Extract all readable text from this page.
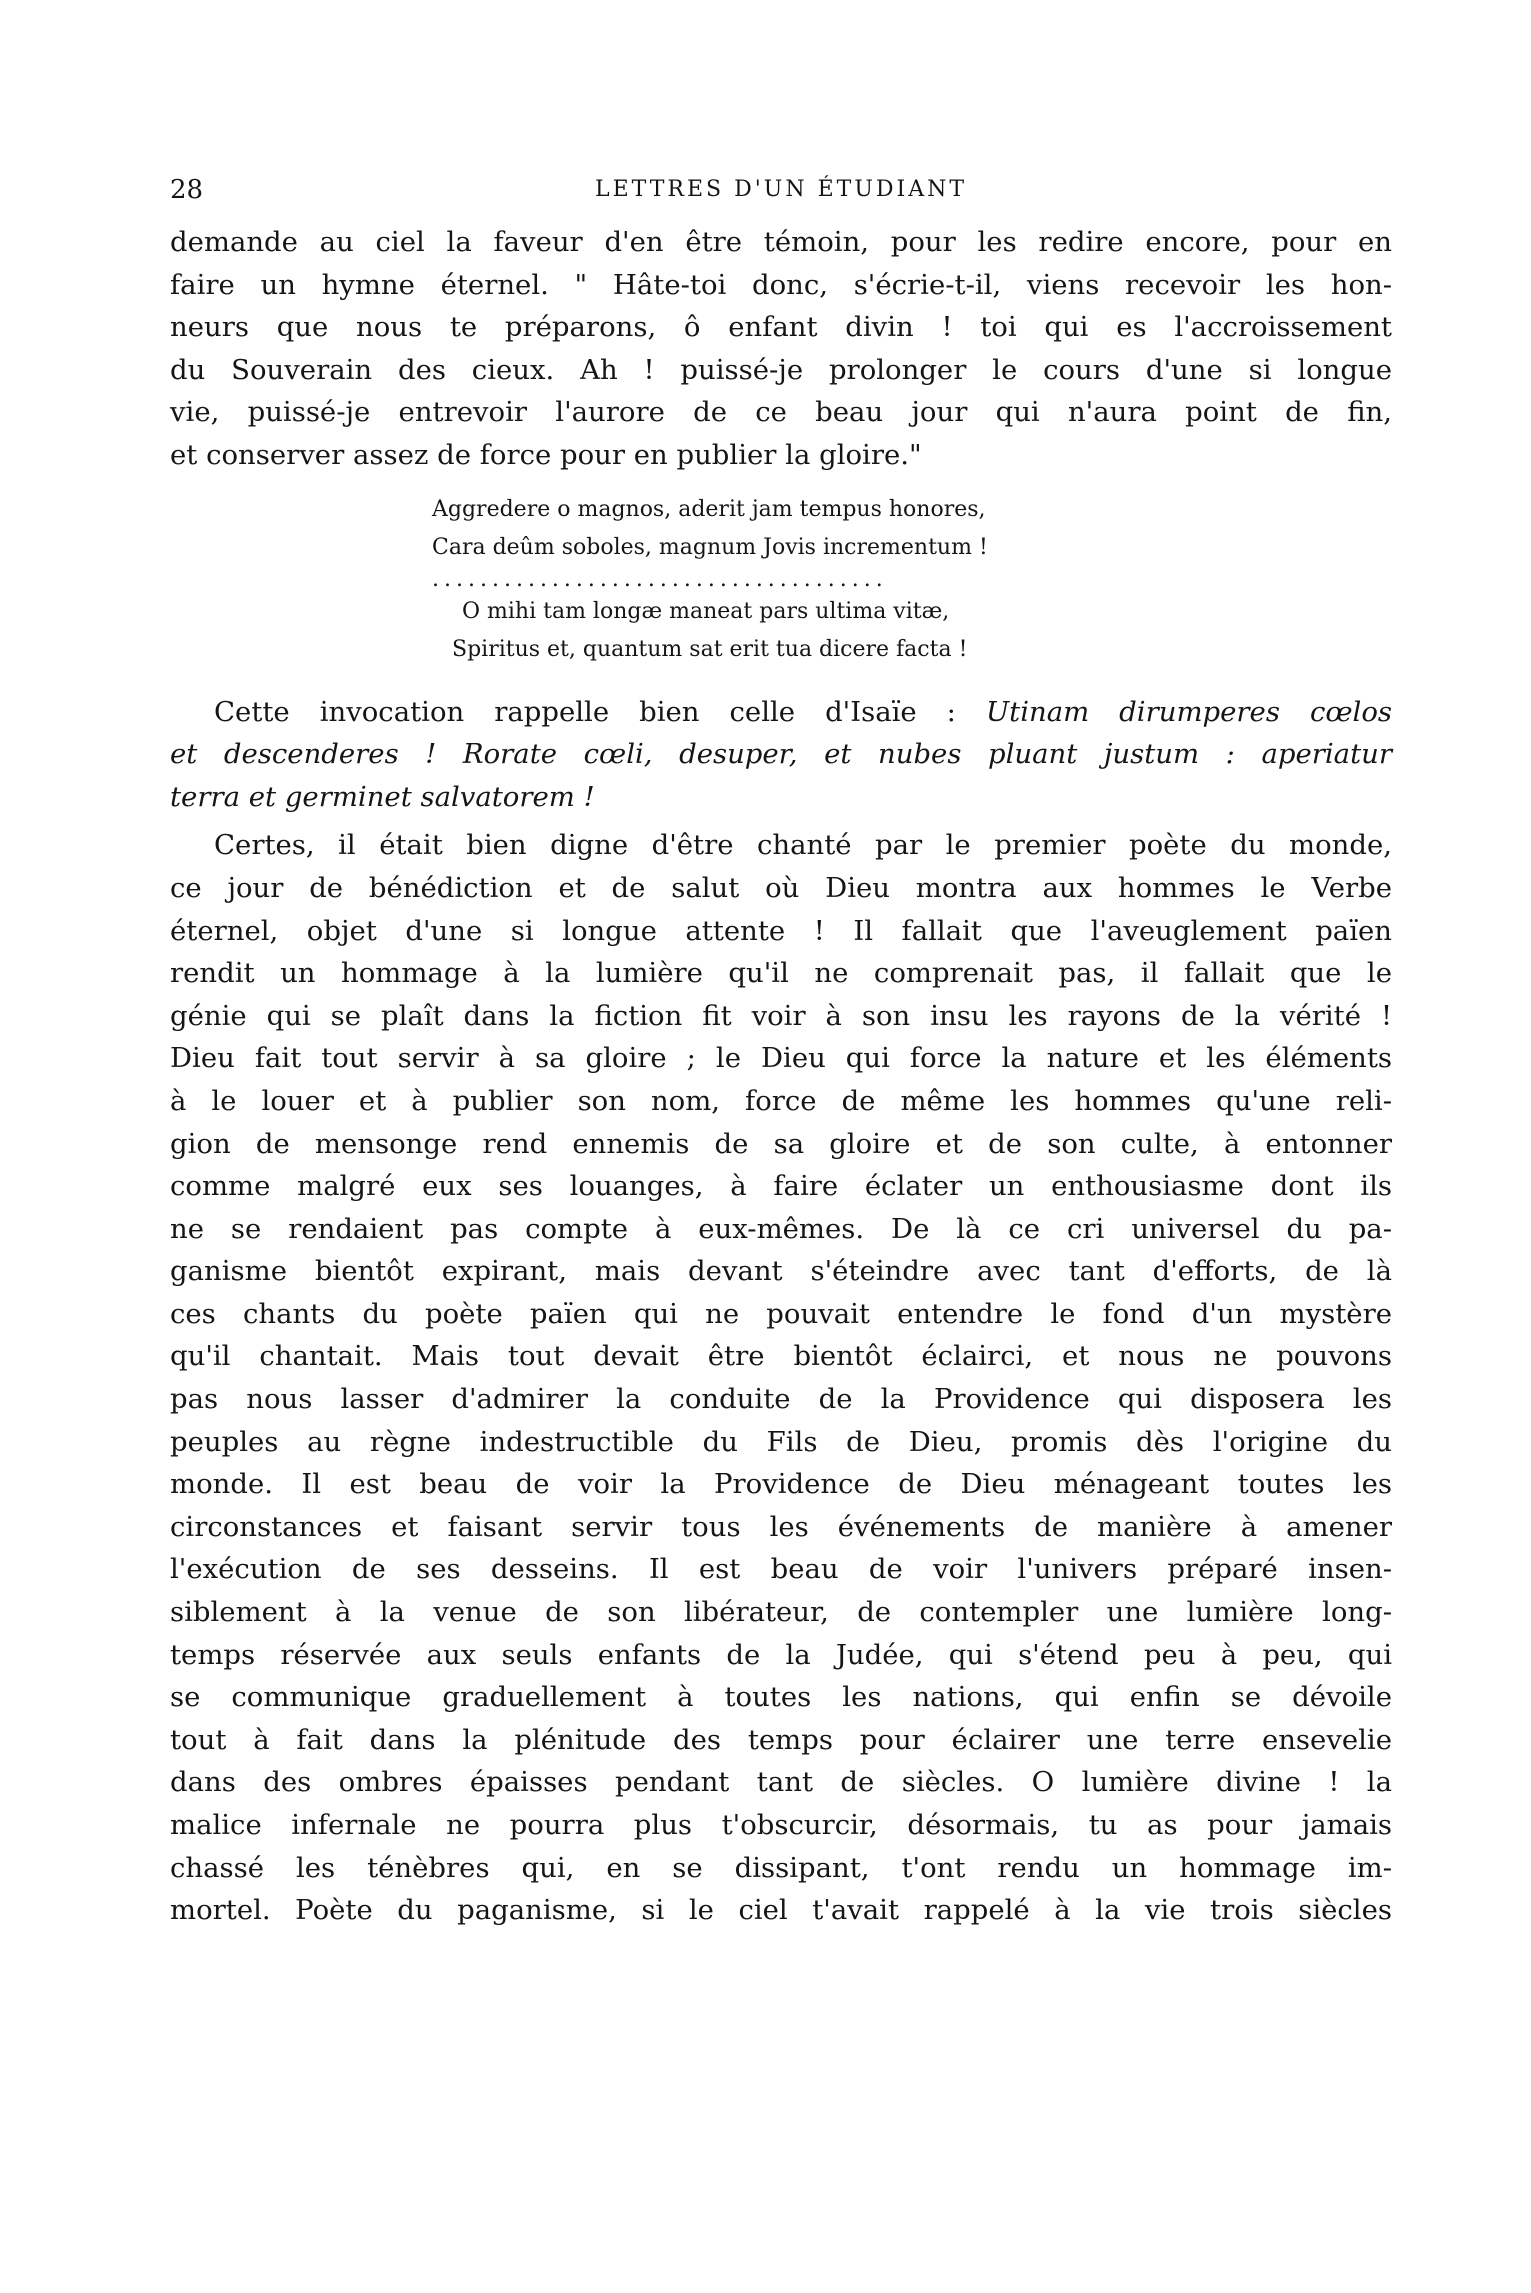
28	LETTRES D'UN ÉTUDIANT
demande au ciel la faveur d'en être témoin, pour les redire encore, pour en
faire un hymne éternel. " Hâte-toi donc, s'écrie-t-il, viens recevoir les hon-
neurs que nous te préparons, ô enfant divin ! toi qui es l'accroissement
du Souverain des cieux. Ah ! puissé-je prolonger le cours d'une si longue
vie, puissé-je entrevoir l'aurore de ce beau jour qui n'aura point de fin,
et conserver assez de force pour en publier la gloire."
Aggredere o magnos, aderit jam tempus honores,
Cara deûm soboles, magnum Jovis incrementum !
......................................
O mihi tam longæ maneat pars ultima vitæ,
Spiritus et, quantum sat erit tua dicere facta !
Cette invocation rappelle bien celle d'Isaïe : Utinam dirumperes cœlos
et descenderes ! Rorate cœli, desuper, et nubes pluant justum : aperiatur
terra et germinet salvatorem !
Certes, il était bien digne d'être chanté par le premier poète du monde,
ce jour de bénédiction et de salut où Dieu montra aux hommes le Verbe
éternel, objet d'une si longue attente ! Il fallait que l'aveuglement païen
rendit un hommage à la lumière qu'il ne comprenait pas, il fallait que le
génie qui se plaît dans la fiction fit voir à son insu les rayons de la vérité !
Dieu fait tout servir à sa gloire ; le Dieu qui force la nature et les éléments
à le louer et à publier son nom, force de même les hommes qu'une reli-
gion de mensonge rend ennemis de sa gloire et de son culte, à entonner
comme malgré eux ses louanges, à faire éclater un enthousiasme dont ils
ne se rendaient pas compte à eux-mêmes. De là ce cri universel du pa-
ganisme bientôt expirant, mais devant s'éteindre avec tant d'efforts, de là
ces chants du poète païen qui ne pouvait entendre le fond d'un mystère
qu'il chantait. Mais tout devait être bientôt éclairci, et nous ne pouvons
pas nous lasser d'admirer la conduite de la Providence qui disposera les
peuples au règne indestructible du Fils de Dieu, promis dès l'origine du
monde. Il est beau de voir la Providence de Dieu ménageant toutes les
circonstances et faisant servir tous les événements de manière à amener
l'exécution de ses desseins. Il est beau de voir l'univers préparé insen-
siblement à la venue de son libérateur, de contempler une lumière long-
temps réservée aux seuls enfants de la Judée, qui s'étend peu à peu, qui
se communique graduellement à toutes les nations, qui enfin se dévoile
tout à fait dans la plénitude des temps pour éclairer une terre ensevelie
dans des ombres épaisses pendant tant de siècles. O lumière divine ! la
malice infernale ne pourra plus t'obscurcir, désormais, tu as pour jamais
chassé les ténèbres qui, en se dissipant, t'ont rendu un hommage im-
mortel. Poète du paganisme, si le ciel t'avait rappelé à la vie trois siècles
